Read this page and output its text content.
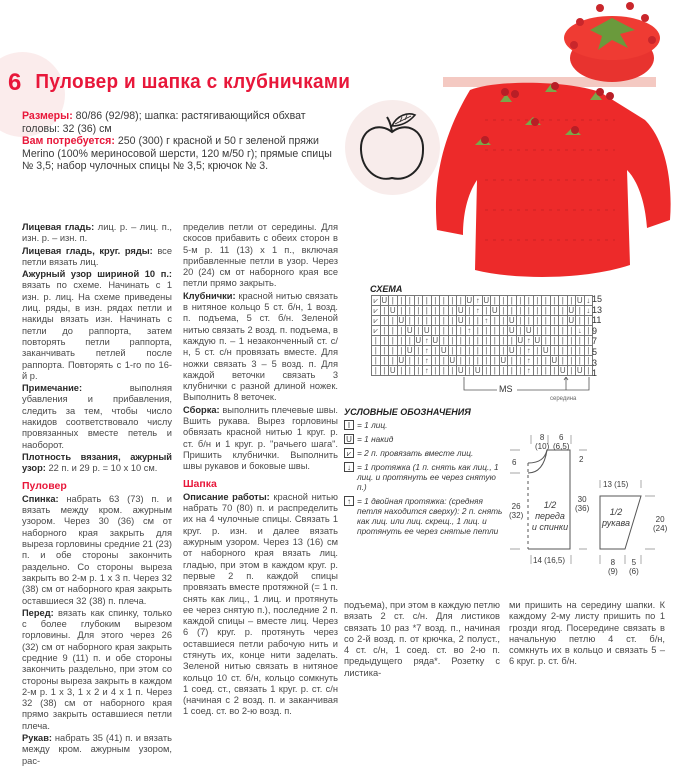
6 Пуловер и шапка с клубничками
Размеры: 80/86 (92/98); шапка: растягивающийся обхват головы: 32 (36) см
Вам потребуется: 250 (300) г красной и 50 г зеленой пряжи Merino (100% мериносовой шерсти, 120 м/50 г); прямые спицы № 3,5; набор чулочных спицы № 3,5; крючок № 3.

Лицевая гладь: лиц. р. – лиц. п., изн. р. – изн. п.

Лицевая гладь, круг. ряды: все петли вязать лиц.

Ажурный узор шириной 10 п.: вязать по схеме. Начинать с 1 изн. р. лиц. На схеме приведены лиц. ряды, в изн. рядах петли и накиды вязать изн. Начинать с петли до раппорта, затем повторять петли раппорта, заканчивать петлей после раппорта. Повторять с 1-го по 16-й р.

Примечание: выполняя убавления и прибавления, следить за тем, чтобы число накидов соответствовало числу провязанных вместе петель и наоборот.

Плотность вязания, ажурный узор: 22 п. и 29 р. = 10 х 10 см.

Пуловер

Спинка: набрать 63 (73) п. и вязать между кром. ажурным узором. Через 30 (36) см от наборного края закрыть для выреза горловины средние 21 (23) п. и обе стороны закончить раздельно. Со стороны выреза закрыть во 2-м р. 1 х 3 п. Через 32 (38) см от наборного края закрыть оставшиеся 32 (38) п. плеча.

Перед: вязать как спинку, только с более глубоким вырезом горловины. Для этого через 26 (32) см от наборного края закрыть средние 9 (11) п. и обе стороны закончить раздельно, при этом со стороны выреза закрыть в каждом 2-м р. 1 х 3, 1 х 2 и 4 х 1 п. Через 32 (38) см от наборного края прямо закрыть оставшиеся петли плеча.

Рукав: набрать 35 (41) п. и вязать между кром. ажурным узором, рас-

пределив петли от середины. Для скосов прибавить с обеих сторон в 5-м р. 11 (13) х 1 п., включая прибавленные петли в узор. Через 20 (24) см от наборного края все петли прямо закрыть.

Клубнички: красной нитью связать в нитяное кольцо 5 ст. б/н, 1 возд. п. подъема, 5 ст. б/н. Зеленой нитью связать 2 возд. п. подъема, в каждую п. – 1 незаконченный ст. с/н, 5 ст. с/н провязать вместе. Для ножки связать 3 – 5 возд. п. Для каждой веточки связать 3 клубнички с разной длиной ножек. Выполнить 8 веточек.

Сборка: выполнить плечевые швы. Вшить рукава. Вырез горловины обвязать красной нитью 1 круг. р. ст. б/н и 1 круг. р. "рачьего шага". Пришить клубнички. Выполнить швы рукавов и боковые швы.

Шапка

Описание работы: красной нитью набрать 70 (80) п. и распределить их на 4 чулочные спицы. Связать 1 круг. р. изн. и далее вязать ажурным узором. Через 13 (16) см от наборного края вязать лиц. гладью, при этом в каждом круг. р. первые 2 п. каждой спицы провязать вместе протяжной (= 1 п. снять как лиц., 1 лиц. и протянуть ее через снятую п.), последние 2 п. каждой спицы – вместе лиц. Через 6 (7) круг. р. протянуть через оставшиеся петли рабочую нить и стянуть их, конце нити заделать. Зеленой нитью связать в нитяное кольцо 10 ст. б/н, кольцо сомкнуть 1 соед. ст., связать 1 круг. р. ст. с/н (начиная с 2 возд. п. и заканчивая 1 соед. ст. во 2-ю возд. п.

СХЕМА
⩗	U	|	|	|	|	|	|	|	|	|	U	↑	U	|	|	|	|	|	|	|	|	|	|	U	↓
⩗	|	U	|	|	|	|	|	|	|	U	|	↑	|	U	|	|	|	|	|	|	|	|	U	|	↓
⩗	|	|	U	|	|	|	|	|	|	U	|	|	↑	|	|	U	|	|	|	|	|	|	U	|	|
⩗	|	|	|	U	|	U	|	|	|	|	↑	|	|	|	|	U	|	U	|	|	|	|	|	↓	|
|	|	|	|	|	U	↑	U	|	|	|	|	|	|	|	|	|	U	↑	U	|	|	|	|	|	|
|	|	|	|	U	|	↑	|	U	|	|	|	|	|	|	|	U	|	↑	|	U	|	|	|	|	|
|	|	|	U	|	|	↑	|	|	U	|	|	|	|	|	U	|	|	↑	|	|	U	|	|	|	|
|	|	U	|	|	|	↑	|	|	|	U	|	U	|	|	|	|	|	↑	|	|	|	U	|	U	|
15
13
11
9
7
5
3
1
MS
середина
УСЛОВНЫЕ ОБОЗНАЧЕНИЯ
I = 1 лиц.
U = 1 накид
⩗ = 2 п. провязать вместе лиц.
↓ = 1 протяжка (1 п. снять как лиц., 1 лиц. и протянуть ее через снятую п.)
↑ = 1 двойная протяжка: (средняя петля находится сверху): 2 п. снять как лиц. или лиц. скрещ., 1 лиц. и протянуть ее через снятые петли
8
(10)
6
(6,5)
6	2
26
(32)
30
(36)
1/2
переда
и спинки
14 (16,5)
13 (15)
1/2
рукава	20
(24)
8
(9)
5
(6)
подъема), при этом в каждую петлю вязать 2 ст. с/н. Для листиков связать 10 раз *7 возд. п., начиная со 2-й возд. п. от крючка, 2 полуст., 4 ст. с/н, 1 соед. ст. во 2-ю п. предыдущего ряда*. Розетку с листика-
ми пришить на середину шапки. К каждому 2-му листу пришить по 1 грозди ягод. Посередине связать в начальную петлю 4 ст. б/н, сомкнуть их в кольцо и связать 5 – 6 круг. р. ст. б/н.
